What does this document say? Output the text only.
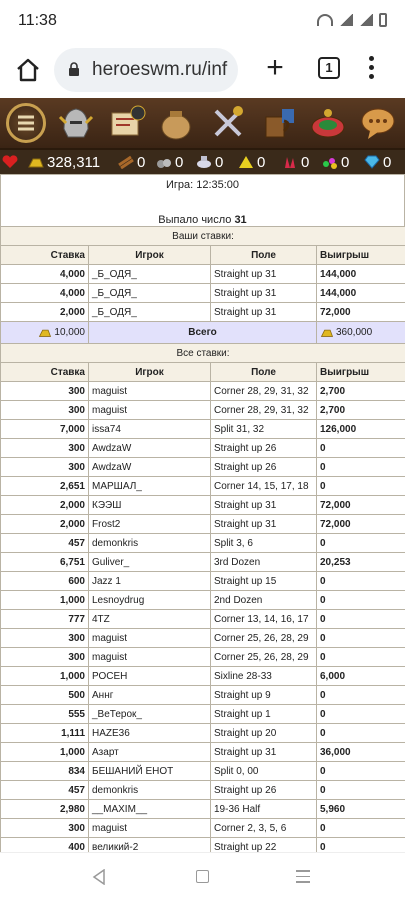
11:38
heroeswm.ru/inf +	1
328,311 0 0 0 0 0 0 0
Игра: 12:35:00
Выпало число 31
Ваши ставки:			
Ставка	Игрок	Поле	Выигрыш
4,000	_Б_ОДЯ_	Straight up 31	144,000
4,000	_Б_ОДЯ_	Straight up 31	144,000
2,000	_Б_ОДЯ_	Straight up 31	72,000
10,000	Всего		360,000
Все ставки:			
Ставка	Игрок	Поле	Выигрыш
300	maguist	Corner 28, 29, 31, 32	2,700
300	maguist	Corner 28, 29, 31, 32	2,700
7,000	issa74	Split 31, 32	126,000
300	AwdzaW	Straight up 26	0
300	AwdzaW	Straight up 26	0
2,651	МАРШАЛ_	Corner 14, 15, 17, 18	0
2,000	КЭЭШ	Straight up 31	72,000
2,000	Frost2	Straight up 31	72,000
457	demonkris	Split 3, 6	0
6,751	Guliver_	3rd Dozen	20,253
600	Jazz 1	Straight up 15	0
1,000	Lesnoydrug	2nd Dozen	0
777	4TZ	Corner 13, 14, 16, 17	0
300	maguist	Corner 25, 26, 28, 29	0
300	maguist	Corner 25, 26, 28, 29	0
1,000	РОСЕН	Sixline 28-33	6,000
500	Аннг	Straight up 9	0
555	_ВеТерок_	Straight up 1	0
1,111	HAZE36	Straight up 20	0
1,000	Азарт	Straight up 31	36,000
834	БЕШАНИЙ ЕНОТ	Split 0, 00	0
457	demonkris	Straight up 26	0
2,980	__MAXIM__	19-36 Half	5,960
300	maguist	Corner 2, 3, 5, 6	0
400	великий-2	Straight up 22	0
